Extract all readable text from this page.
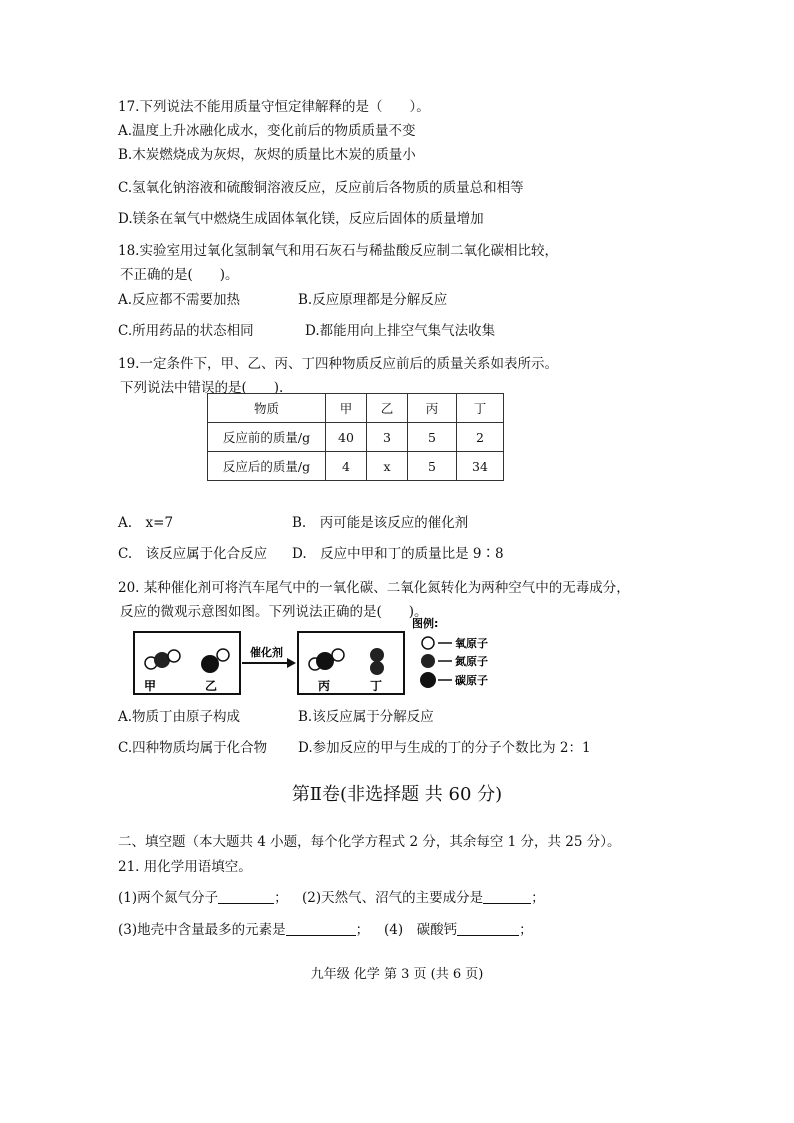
17.下列说法不能用质量守恒定律解释的是（　　）。
A.温度上升冰融化成水，变化前后的物质质量不变
B.木炭燃烧成为灰烬，灰烬的质量比木炭的质量小
C.氢氧化钠溶液和硫酸铜溶液反应，反应前后各物质的质量总和相等
D.镁条在氧气中燃烧生成固体氧化镁，反应后固体的质量增加
18.实验室用过氧化氢制氧气和用石灰石与稀盐酸反应制二氧化碳相比较，
不正确的是(　　)。
A.反应都不需要加热	B.反应原理都是分解反应
C.所用药品的状态相同	D.都能用向上排空气集气法收集
19.一定条件下，甲、乙、丙、丁四种物质反应前后的质量关系如表所示。
下列说法中错误的是(　　).
物质	甲	乙	丙	丁
反应前的质量/g	40	3	5	2
反应后的质量/g	4	x	5	34
A.　x=7	B.　丙可能是该反应的催化剂
C.　该反应属于化合反应 D.　反应中甲和丁的质量比是 9∶8
20. 某种催化剂可将汽车尾气中的一氧化碳、二氧化氮转化为两种空气中的无毒成分，
反应的微观示意图如图。下列说法正确的是(　　)。
催化剂
甲	乙	丙	丁
图例:
氧原子
氮原子
碳原子
A.物质丁由原子构成	B.该反应属于分解反应
C.四种物质均属于化合物 D.参加反应的甲与生成的丁的分子个数比为 2：1
第Ⅱ卷(非选择题 共 60 分)
二、填空题（本大题共 4 小题，每个化学方程式 2 分，其余每空 1 分，共 25 分）。
21. 用化学用语填空。
(1)两个氮气分子	； (2)天然气、沼气的主要成分是	；
(3)地壳中含量最多的元素是	； (4)　碳酸钙	；
九年级 化学 第 3 页 (共 6 页)
